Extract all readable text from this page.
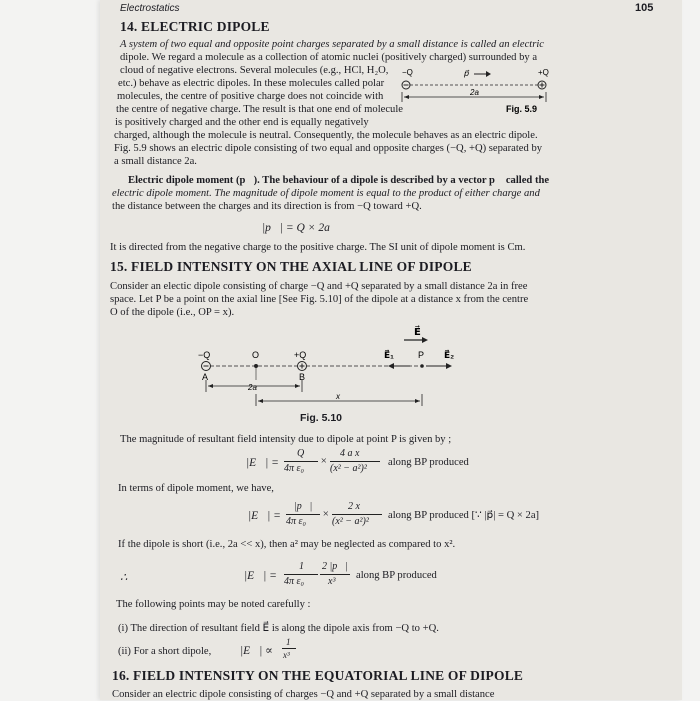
Electrostatics	105
14. ELECTRIC DIPOLE
A system of two equal and opposite point charges separated by a small distance is called an electric
dipole. We regard a molecule as a collection of atomic nuclei (positively charged) surrounded by a
cloud of negative electrons. Several molecules (e.g., HCl, H₂O,
etc.) behave as electric dipoles. In these molecules called polar
molecules, the centre of positive charge does not coincide with
the centre of negative charge. The result is that one end of molecule
is positively charged and the other end is equally negatively
charged, although the molecule is neutral. Consequently, the molecule behaves as an electric dipole.
Fig. 5.9 shows an electric dipole consisting of two equal and opposite charges (−Q, +Q) separated by
a small distance 2a.
−Q	p⃗	+Q
2a
Fig. 5.9
Electric dipole moment (p⃗). The behaviour of a dipole is described by a vector p⃗ called the
electric dipole moment. The magnitude of dipole moment is equal to the product of either charge and
the distance between the charges and its direction is from −Q toward +Q.
|p⃗| = Q × 2a
It is directed from the negative charge to the positive charge. The SI unit of dipole moment is Cm.
15. FIELD INTENSITY ON THE AXIAL LINE OF DIPOLE
Consider an electic dipole consisting of charge −Q and +Q separated by a small distance 2a in free
space. Let P be a point on the axial line [See Fig. 5.10] of the dipole at a distance x from the centre
O of the dipole (i.e., OP = x).
E⃗
−Q	O	+Q	E⃗₁	P E⃗₂
A	B
2a
x
Fig. 5.10
The magnitude of resultant field intensity due to dipole at point P is given by ;
|E⃗| =
Q
4π ε₀
×
4 a x
(x² − a²)²
along BP produced
In terms of dipole moment, we have,
|E⃗| =
|p⃗|
4π ε₀
×
2 x
(x² − a²)²
along BP produced [∵ |p⃗| = Q × 2a]
If the dipole is short (i.e., 2a << x), then a² may be neglected as compared to x².
∴	|E⃗| =
1
4π ε₀
2 |p⃗|
x³
along BP produced
The following points may be noted carefully :
(i) The direction of resultant field E⃗ is along the dipole axis from −Q to +Q.
(ii) For a short dipole, |E⃗| ∝
1
x³
16. FIELD INTENSITY ON THE EQUATORIAL LINE OF DIPOLE
Consider an electric dipole consisting of charges −Q and +Q separated by a small distance
